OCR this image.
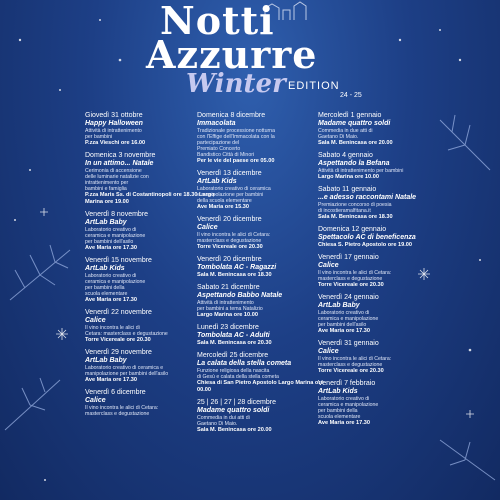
Notti
Azzurre
Winter EDITION
24 - 25
Giovedì 31 ottobre
Happy Halloween
Attività di intrattenimento
per bambini
P.zza Vieschi ore 16.00
Domenica 3 novembre
In un attimo... Natale
Cerimonia di accensione
delle luminarie natalizie con
intrattenimento per
bambini e famiglia
P.zza Maris Ss. di Costantinopoli ore 18.30 Largo Marina ore 19.00
Venerdì 8 novembre
ArtLab Baby
Laboratorio creativo di
ceramica e manipolazione
per bambini dell'asilo
Ave Maria ore 17.30
Venerdì 15 novembre
ArtLab Kids
Laboratorio creativo di
ceramica e manipolazione
per bambini della
scuola elementare
Ave Maria ore 17.30
Venerdì 22 novembre
Calice
Il vino incontra le alici di
Cetara: masterclass e degustazione
Torre Vicereale ore 20.30
Venerdì 29 novembre
ArtLab Baby
Laboratorio creativo di ceramica e
manipolazione per bambini dell'asilo
Ave Maria ore 17.30
Venerdì 6 dicembre
Calice
Il vino incontra le alici di Cetara:
masterclass e degustazione
Domenica 8 dicembre
Immacolata
Tradizionale processione notturna
con l'Effige dell'Immacolata con la
partecipazione del
Premiato Concerto
Bandistico Città di Minori
Per le vie del paese ore 05.00
Venerdì 13 dicembre
ArtLab Kids
Laboratorio creativo di ceramica
e manipolazione per bambini
della scuola elementare
Ave Maria ore 15.30
Venerdì 20 dicembre
Calice
Il vino incontra le alici di Cetara:
masterclass e degustazione
Torre Vicereale ore 20.30
Venerdì 20 dicembre
Tombolata AC - Ragazzi
Sala M. Benincasa ore 18.30
Sabato 21 dicembre
Aspettando Babbo Natale
Attività di intrattenimento
per bambini a tema Natalizio
Largo Marina ore 10.00
Lunedì 23 dicembre
Tombolata AC - Adulti
Sala M. Benincasa ore 20.30
Mercoledì 25 dicembre
La calata della stella cometa
Funzione religiosa della nascita
di Gesù e calata della stella cometa
Chiesa di San Pietro Apostolo Largo Marina ore 00.00
25 | 26 | 27 | 28 dicembre
Madame quattro soldi
Commedia in dui atti di
Gaetano Di Maio.
Sala M. Benincasa ore 20.00
Mercoledì 1 gennaio
Madame quattro soldi
Commedia in due atti di
Gaetano Di Maio.
Sala M. Benincasa ore 20.00
Sabato 4 gennaio
Aspettando la Befana
Attività di intrattenimento per bambini
Largo Marina ore 10.00
Sabato 11 gennaio
...e adesso raccontami Natale
Premiazione concorso di poesia
di incostieramalfitana.it
Sala M. Benincasa ore 18.30
Domenica 12 gennaio
Spettacolo AC di beneficenza
Chiesa S. Pietro Apostolo ore 19.00
Venerdì 17 gennaio
Calice
Il vino incontra le alici di Cetara:
masterclass e degustazione
Torre Vicereale ore 20.30
Venerdì 24 gennaio
ArtLab Baby
Laboratorio creativo di
ceramica e manipolazione
per bambini dell'asilo
Ave Maria ore 17.30
Venerdì 31 gennaio
Calice
Il vino incontra le alici di Cetara:
masterclass e degustazione
Torre Vicereale ore 20.30
Venerdì 7 febbraio
ArtLab Kids
Laboratorio creativo di
ceramica e manipolazione
per bambini della
scuola elementare
Ave Maria ore 17.30
